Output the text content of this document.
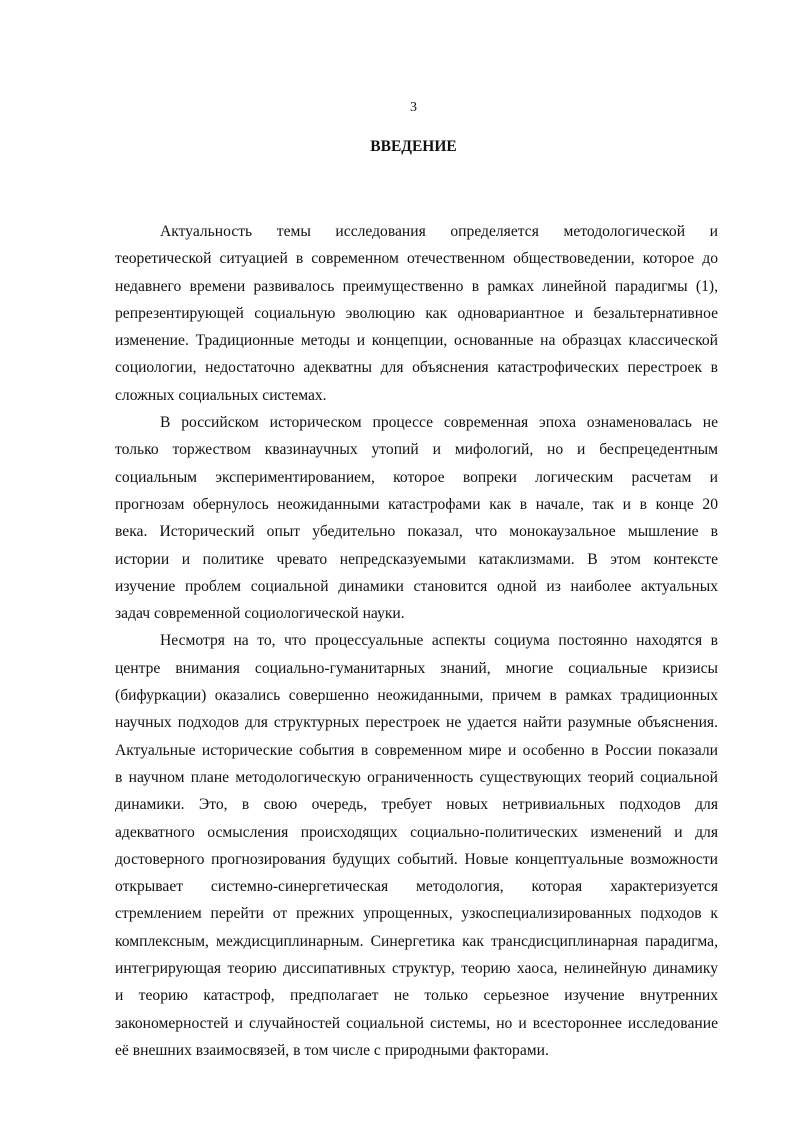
3
ВВЕДЕНИЕ
Актуальность темы исследования определяется методологической и
теоретической ситуацией в современном отечественном обществоведении, которое до
недавнего времени развивалось преимущественно в рамках линейной парадигмы (1),
репрезентирующей социальную эволюцию как одновариантное и безальтернативное
изменение. Традиционные методы и концепции, основанные на образцах классической
социологии, недостаточно адекватны для объяснения катастрофических перестроек в
сложных социальных системах.
В российском историческом процессе современная эпоха ознаменовалась не
только торжеством квазинаучных утопий и мифологий, но и беспрецедентным
социальным экспериментированием, которое вопреки логическим расчетам и
прогнозам обернулось неожиданными катастрофами как в начале, так и в конце 20
века. Исторический опыт убедительно показал, что монокаузальное мышление в
истории и политике чревато непредсказуемыми катаклизмами. В этом контексте
изучение проблем социальной динамики становится одной из наиболее актуальных
задач современной социологической науки.
Несмотря на то, что процессуальные аспекты социума постоянно находятся в
центре внимания социально-гуманитарных знаний, многие социальные кризисы
(бифуркации) оказались совершенно неожиданными, причем в рамках традиционных
научных подходов для структурных перестроек не удается найти разумные объяснения.
Актуальные исторические события в современном мире и особенно в России показали
в научном плане методологическую ограниченность существующих теорий социальной
динамики. Это, в свою очередь, требует новых нетривиальных подходов для
адекватного осмысления происходящих социально-политических изменений и для
достоверного прогнозирования будущих событий. Новые концептуальные возможности
открывает системно-синергетическая методология, которая характеризуется
стремлением перейти от прежних упрощенных, узкоспециализированных подходов к
комплексным, междисциплинарным. Синергетика как трансдисциплинарная парадигма,
интегрирующая теорию диссипативных структур, теорию хаоса, нелинейную динамику
и теорию катастроф, предполагает не только серьезное изучение внутренних
закономерностей и случайностей социальной системы, но и всестороннее исследование
её внешних взаимосвязей, в том числе с природными факторами.
